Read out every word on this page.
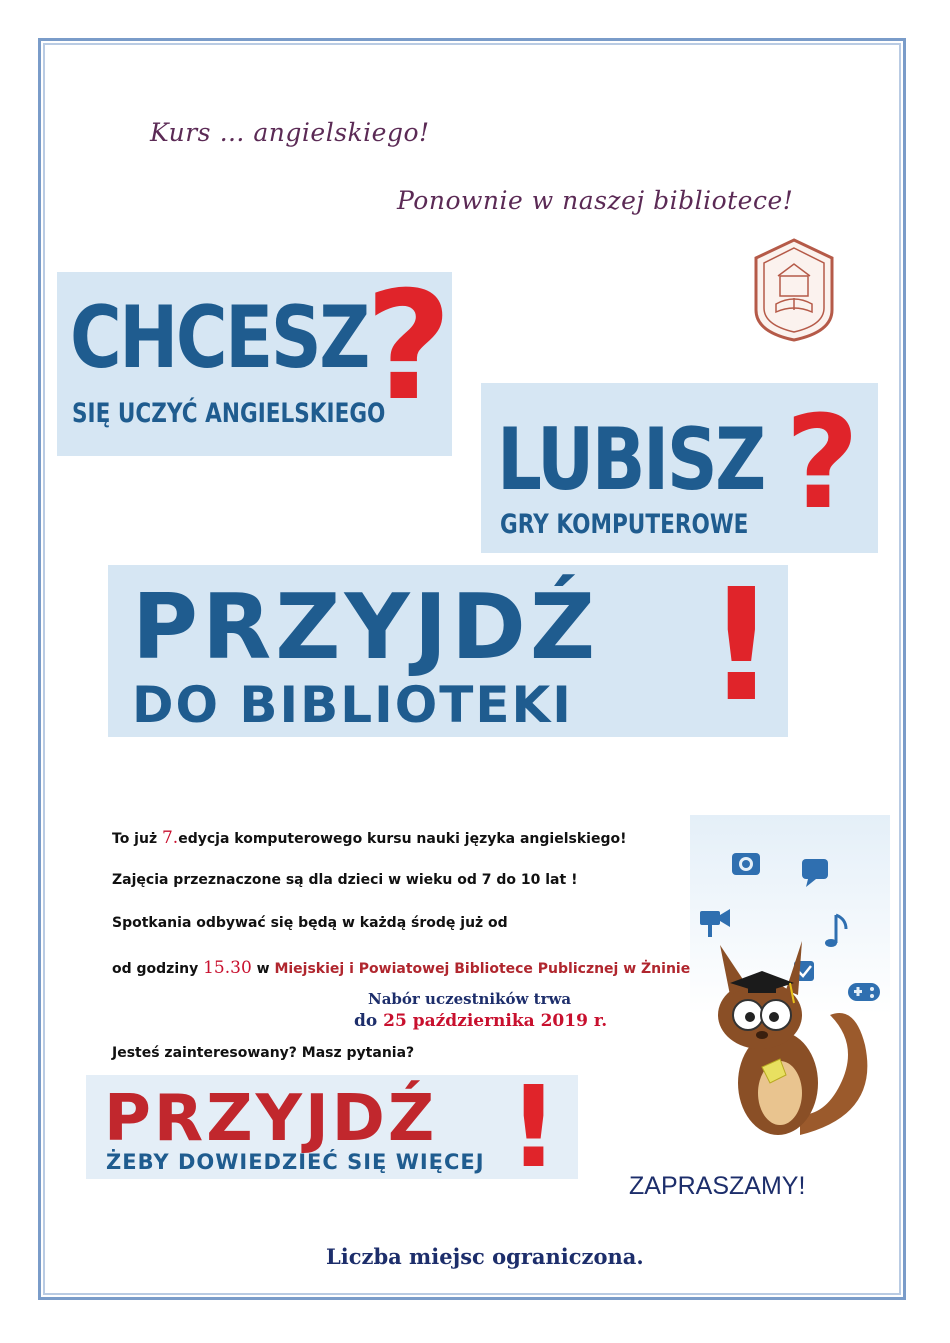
Kurs … angielskiego!
Ponownie w naszej bibliotece!
CHCESZ
SIĘ UCZYĆ ANGIELSKIEGO
?
LUBISZ
GRY KOMPUTEROWE ?
PRZYJDŹ
DO BIBLIOTEKI !
To już 7.edycja komputerowego kursu nauki języka angielskiego!
Zajęcia przeznaczone są dla dzieci w wieku od 7 do 10 lat !
Spotkania odbywać się będą w każdą środę już od
od godziny 15.30 w Miejskiej i Powiatowej Bibliotece Publicznej w Żninie
Nabór uczestników trwa
do 25 października 2019 r.
Jesteś zainteresowany? Masz pytania?
PRZYJDŹ
ŻEBY DOWIEDZIEĆ SIĘ WIĘCEJ !	ZAPRASZAMY!
Liczba miejsc ograniczona.
